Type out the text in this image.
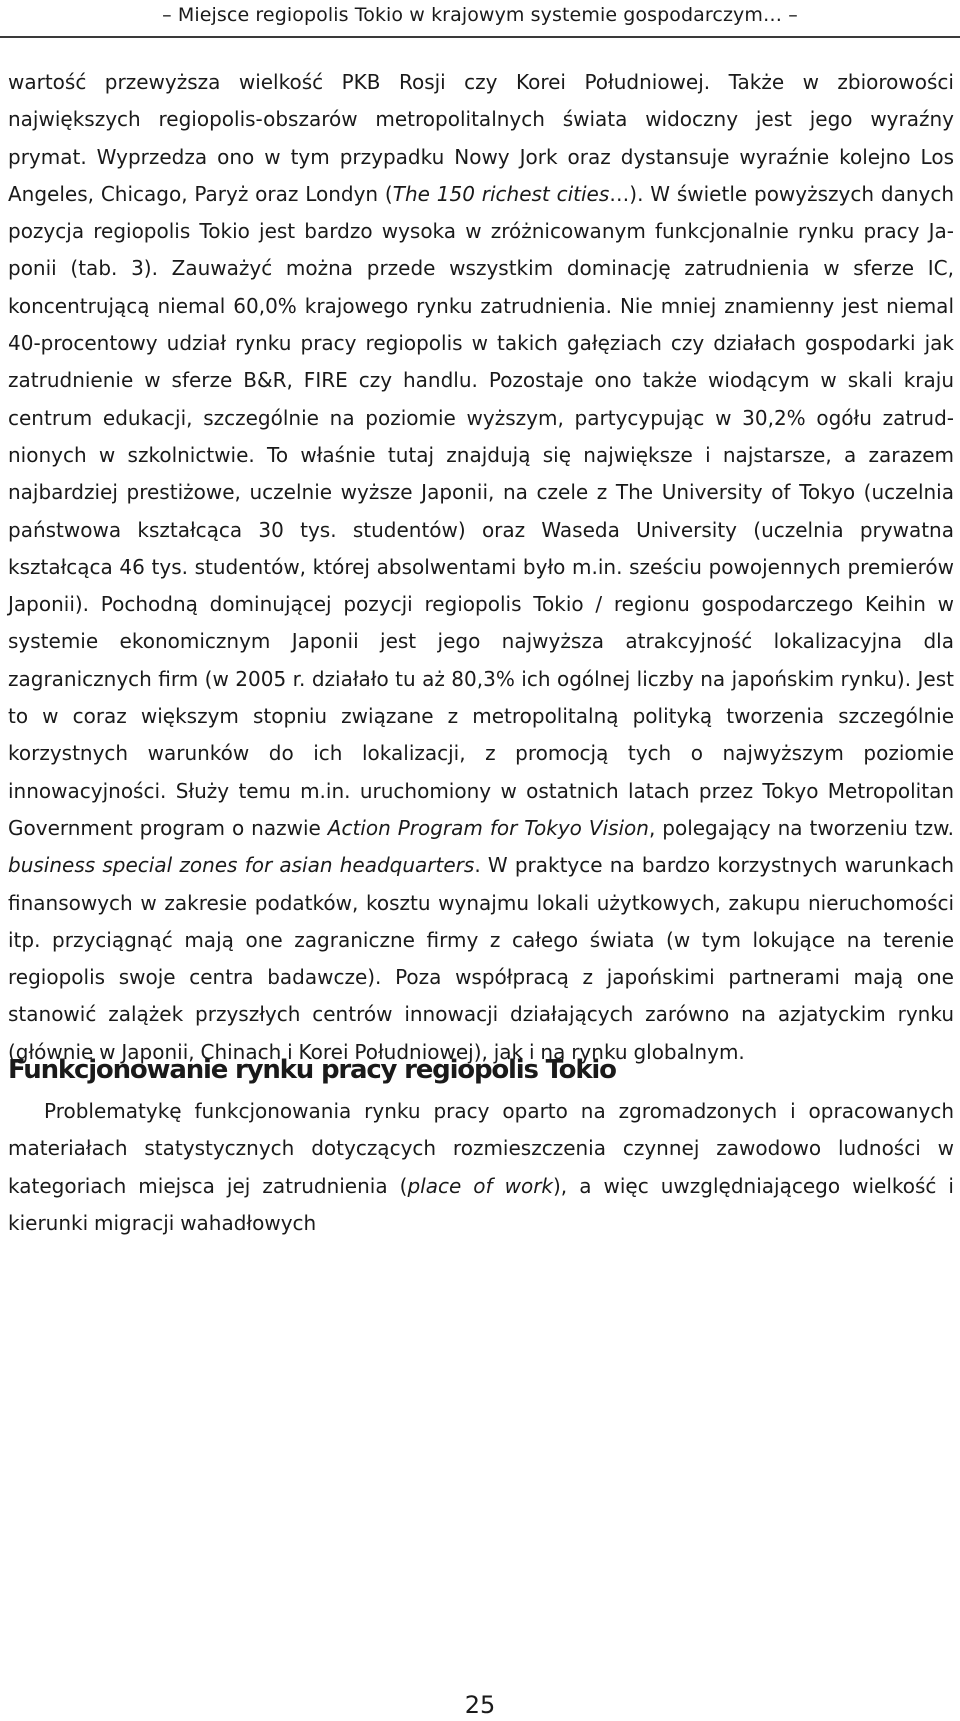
– Miejsce regiopolis Tokio w krajowym systemie gospodarczym… –

wartość przewyższa wielkość PKB Rosji czy Korei Południowej. Także w zbiorowości największych regiopolis-obszarów metropolitalnych świata widoczny jest jego wyraźny prymat. Wyprzedza ono w tym przypadku Nowy Jork oraz dystansuje wyraźnie kolejno Los Angeles, Chicago, Paryż oraz Londyn (The 150 richest cities…). W świetle powyższych danych pozycja regiopolis Tokio jest bardzo wysoka w zróżnicowanym funkcjonalnie rynku pracy Japonii (tab. 3). Zauważyć można przede wszystkim dominację zatrudnienia w sferze IC, koncentrującą niemal 60,0% krajowego rynku zatrudnienia. Nie mniej znamienny jest niemal 40-procentowy udział rynku pracy regiopolis w takich gałęziach czy działach gospodarki jak zatrudnienie w sferze B&R, FIRE czy handlu. Pozostaje ono także wiodącym w skali kraju centrum edukacji, szczególnie na poziomie wyższym, partycypując w 30,2% ogółu zatrudnionych w szkolnictwie. To właśnie tutaj znajdują się największe i najstarsze, a zarazem najbardziej prestiżowe, uczelnie wyższe Japonii, na czele z The University of Tokyo (uczelnia państwowa kształcąca 30 tys. studentów) oraz Waseda University (uczelnia prywatna kształcąca 46 tys. studentów, której absolwentami było m.in. sześciu powojennych premierów Japonii). Pochodną dominującej pozycji regiopolis Tokio / regionu gospodarczego Keihin w systemie ekonomicznym Japonii jest jego najwyższa atrakcyjność lokalizacyjna dla zagranicznych firm (w 2005 r. działało tu aż 80,3% ich ogólnej liczby na japońskim rynku). Jest to w coraz większym stopniu związane z metropolitalną polityką tworzenia szczególnie korzystnych warunków do ich lokalizacji, z promocją tych o najwyższym poziomie innowacyjności. Służy temu m.in. uruchomiony w ostatnich latach przez Tokyo Metropolitan Government program o nazwie Action Program for Tokyo Vision, polegający na tworzeniu tzw. business special zones for asian headquarters. W praktyce na bardzo korzystnych warunkach finansowych w zakresie podatków, kosztu wynajmu lokali użytkowych, zakupu nieruchomości itp. przyciągnąć mają one zagraniczne firmy z całego świata (w tym lokujące na terenie regiopolis swoje centra badawcze). Poza współpracą z japońskimi partnerami mają one stanowić zalążek przyszłych centrów innowacji działających zarówno na azjatyckim rynku (głównie w Japonii, Chinach i Korei Południowej), jak i na rynku globalnym.

Funkcjonowanie rynku pracy regiopolis Tokio

Problematykę funkcjonowania rynku pracy oparto na zgromadzonych i opracowanych materiałach statystycznych dotyczących rozmieszczenia czynnej zawodowo ludności w kategoriach miejsca jej zatrudnienia (place of work), a więc uwzględniającego wielkość i kierunki migracji wahadłowych

25
